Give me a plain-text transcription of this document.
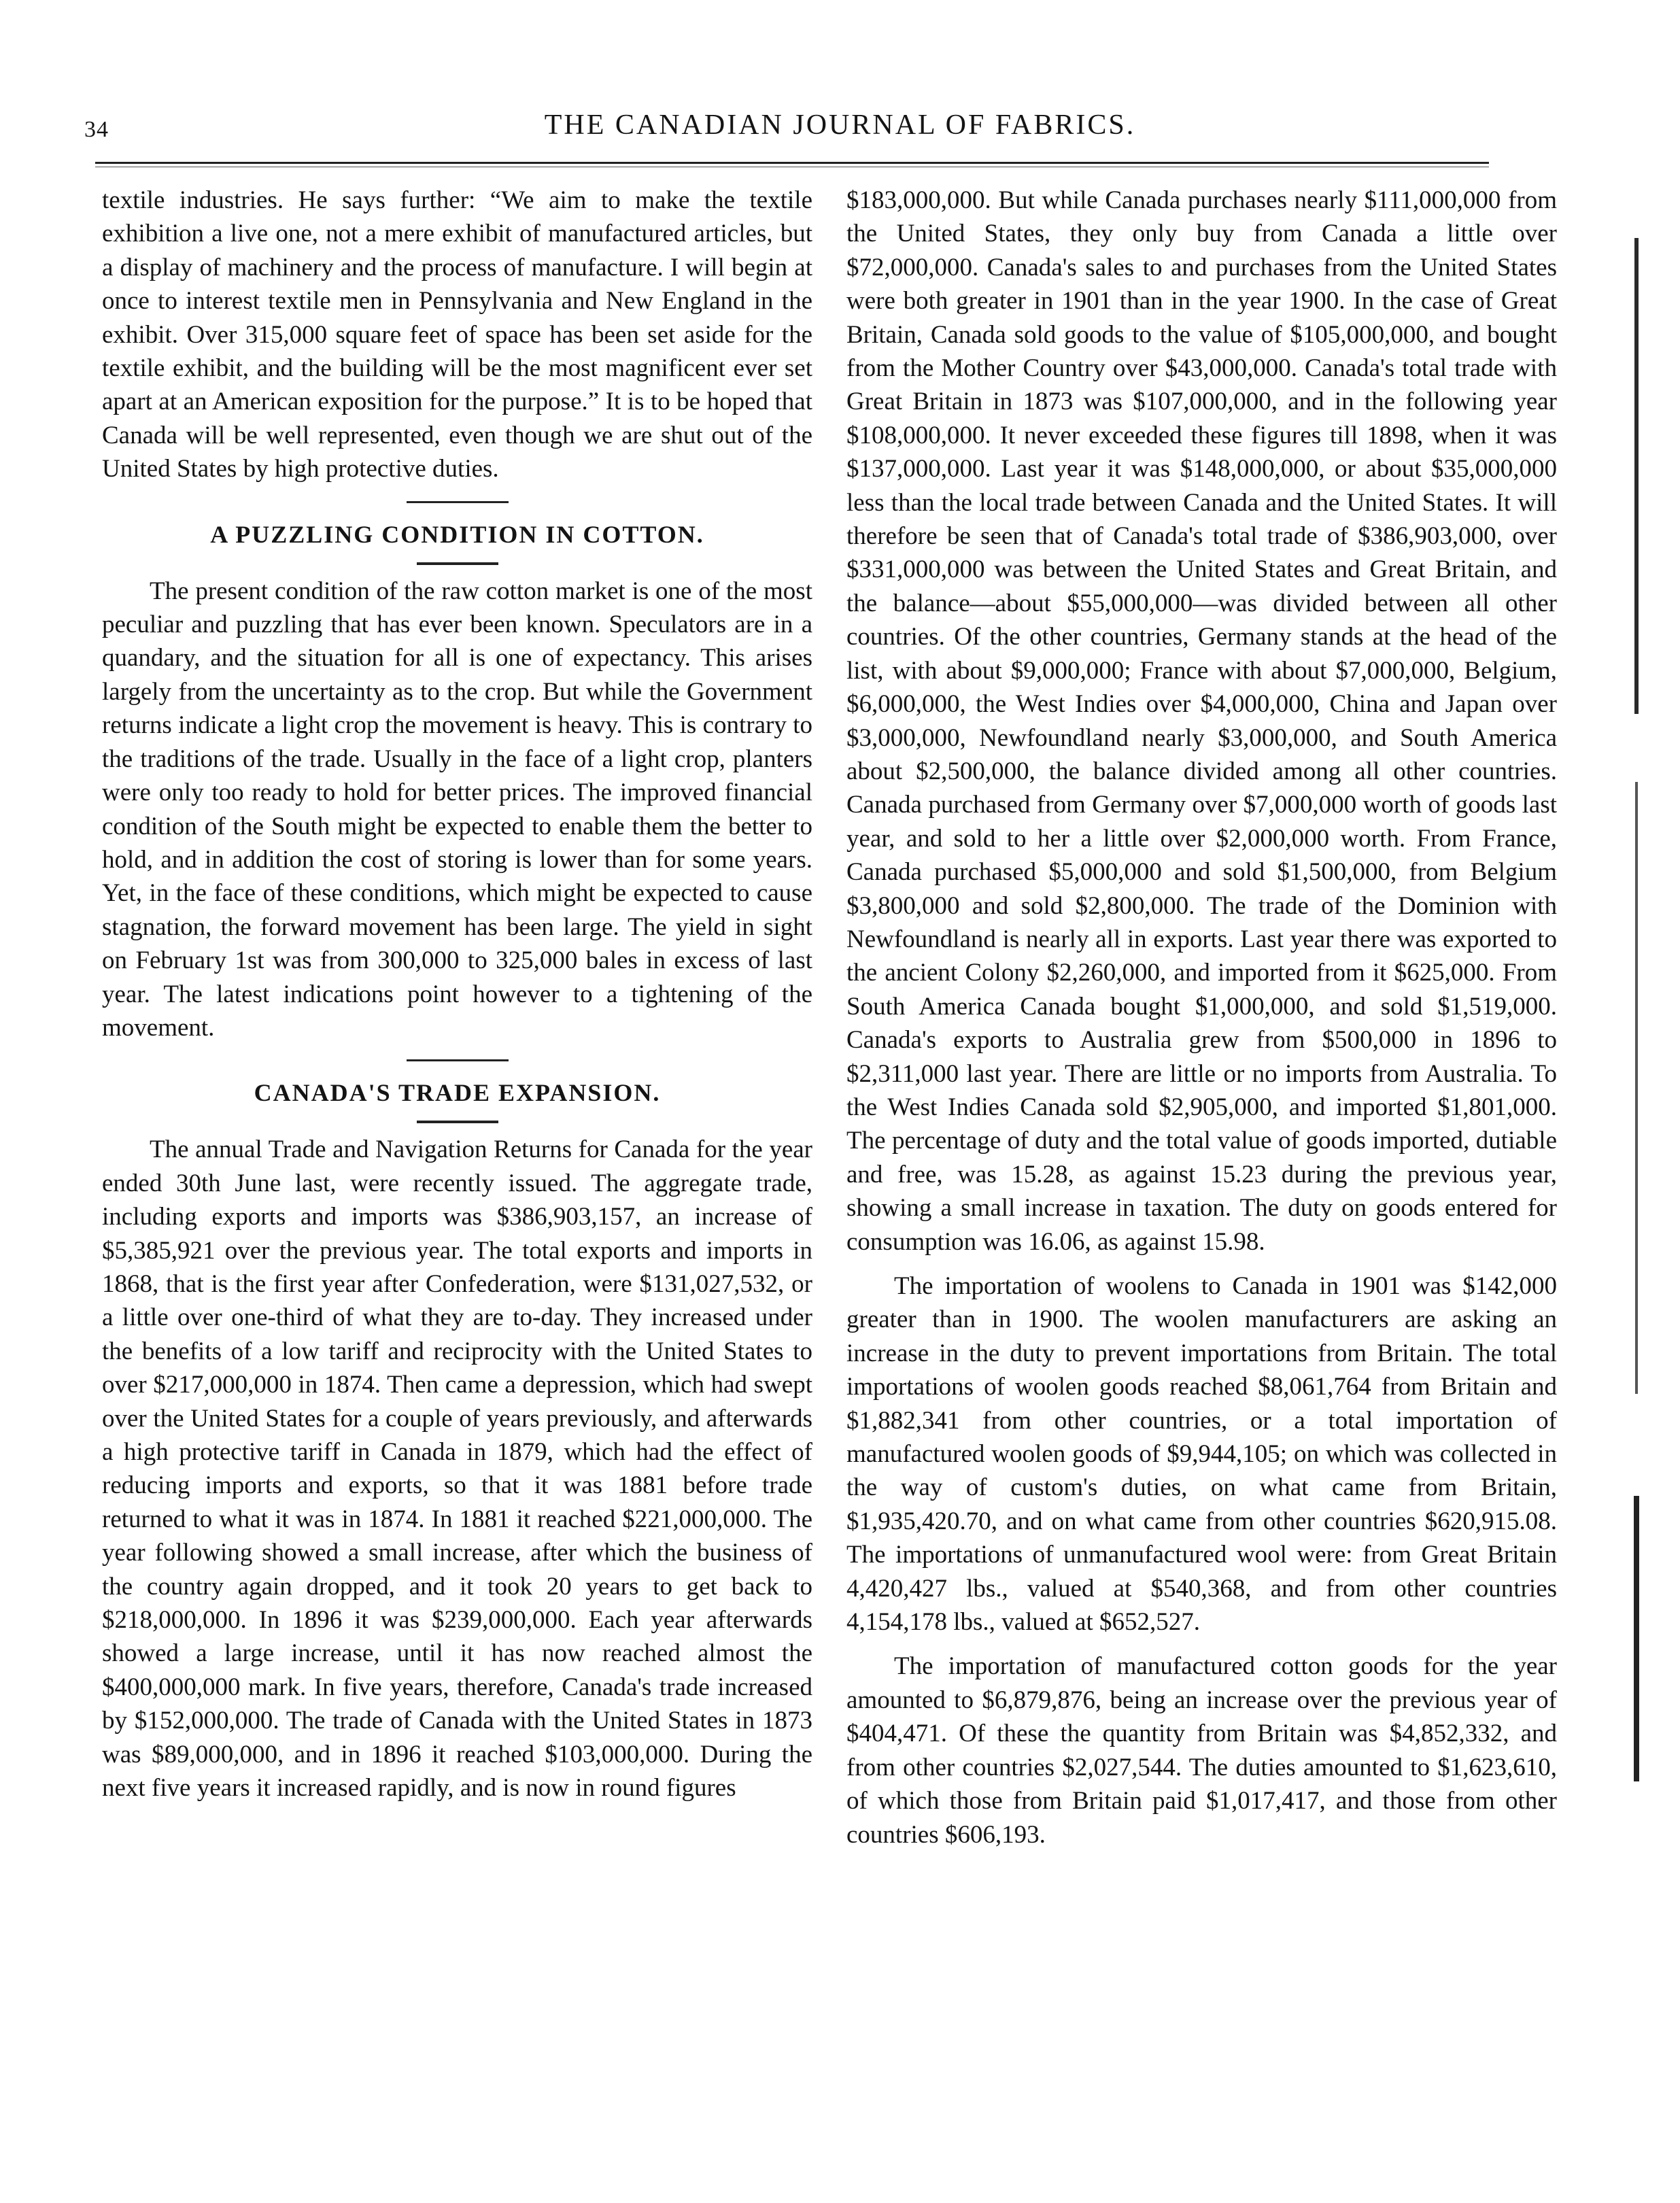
34	THE CANADIAN JOURNAL OF FABRICS.

textile industries. He says further: “We aim to make the textile exhibition a live one, not a mere exhibit of manufactured articles, but a display of machinery and the process of manufacture. I will begin at once to interest textile men in Pennsylvania and New England in the exhibit. Over 315,000 square feet of space has been set aside for the textile exhibit, and the building will be the most magnificent ever set apart at an American exposition for the purpose.” It is to be hoped that Canada will be well represented, even though we are shut out of the United States by high protective duties.

A PUZZLING CONDITION IN COTTON.

The present condition of the raw cotton market is one of the most peculiar and puzzling that has ever been known. Speculators are in a quandary, and the situation for all is one of expectancy. This arises largely from the uncertainty as to the crop. But while the Government returns indicate a light crop the movement is heavy. This is contrary to the traditions of the trade. Usually in the face of a light crop, planters were only too ready to hold for better prices. The improved financial condition of the South might be expected to enable them the better to hold, and in addition the cost of storing is lower than for some years. Yet, in the face of these conditions, which might be expected to cause stagnation, the forward movement has been large. The yield in sight on February 1st was from 300,000 to 325,000 bales in excess of last year. The latest indications point however to a tightening of the movement.

CANADA'S TRADE EXPANSION.

The annual Trade and Navigation Returns for Canada for the year ended 30th June last, were recently issued. The aggregate trade, including exports and imports was $386,903,157, an increase of $5,385,921 over the previous year. The total exports and imports in 1868, that is the first year after Confederation, were $131,027,532, or a little over one-third of what they are to-day. They increased under the benefits of a low tariff and reciprocity with the United States to over $217,000,000 in 1874. Then came a depression, which had swept over the United States for a couple of years previously, and afterwards a high protective tariff in Canada in 1879, which had the effect of reducing imports and exports, so that it was 1881 before trade returned to what it was in 1874. In 1881 it reached $221,000,000. The year following showed a small increase, after which the business of the country again dropped, and it took 20 years to get back to $218,000,000. In 1896 it was $239,000,000. Each year afterwards showed a large increase, until it has now reached almost the $400,000,000 mark. In five years, therefore, Canada's trade increased by $152,000,000. The trade of Canada with the United States in 1873 was $89,000,000, and in 1896 it reached $103,000,000. During the next five years it increased rapidly, and is now in round figures

$183,000,000. But while Canada purchases nearly $111,000,000 from the United States, they only buy from Canada a little over $72,000,000. Canada's sales to and purchases from the United States were both greater in 1901 than in the year 1900. In the case of Great Britain, Canada sold goods to the value of $105,000,000, and bought from the Mother Country over $43,000,000. Canada's total trade with Great Britain in 1873 was $107,000,000, and in the following year $108,000,000. It never exceeded these figures till 1898, when it was $137,000,000. Last year it was $148,000,000, or about $35,000,000 less than the local trade between Canada and the United States. It will therefore be seen that of Canada's total trade of $386,903,000, over $331,000,000 was between the United States and Great Britain, and the balance—about $55,000,000—was divided between all other countries. Of the other countries, Germany stands at the head of the list, with about $9,000,000; France with about $7,000,000, Belgium, $6,000,000, the West Indies over $4,000,000, China and Japan over $3,000,000, Newfoundland nearly $3,000,000, and South America about $2,500,000, the balance divided among all other countries. Canada purchased from Germany over $7,000,000 worth of goods last year, and sold to her a little over $2,000,000 worth. From France, Canada purchased $5,000,000 and sold $1,500,000, from Belgium $3,800,000 and sold $2,800,000. The trade of the Dominion with Newfoundland is nearly all in exports. Last year there was exported to the ancient Colony $2,260,000, and imported from it $625,000. From South America Canada bought $1,000,000, and sold $1,519,000. Canada's exports to Australia grew from $500,000 in 1896 to $2,311,000 last year. There are little or no imports from Australia. To the West Indies Canada sold $2,905,000, and imported $1,801,000. The percentage of duty and the total value of goods imported, dutiable and free, was 15.28, as against 15.23 during the previous year, showing a small increase in taxation. The duty on goods entered for consumption was 16.06, as against 15.98.

The importation of woolens to Canada in 1901 was $142,000 greater than in 1900. The woolen manufacturers are asking an increase in the duty to prevent importations from Britain. The total importations of woolen goods reached $8,061,764 from Britain and $1,882,341 from other countries, or a total importation of manufactured woolen goods of $9,944,105; on which was collected in the way of custom's duties, on what came from Britain, $1,935,420.70, and on what came from other countries $620,915.08. The importations of unmanufactured wool were: from Great Britain 4,420,427 lbs., valued at $540,368, and from other countries 4,154,178 lbs., valued at $652,527.

The importation of manufactured cotton goods for the year amounted to $6,879,876, being an increase over the previous year of $404,471. Of these the quantity from Britain was $4,852,332, and from other countries $2,027,544. The duties amounted to $1,623,610, of which those from Britain paid $1,017,417, and those from other countries $606,193.
